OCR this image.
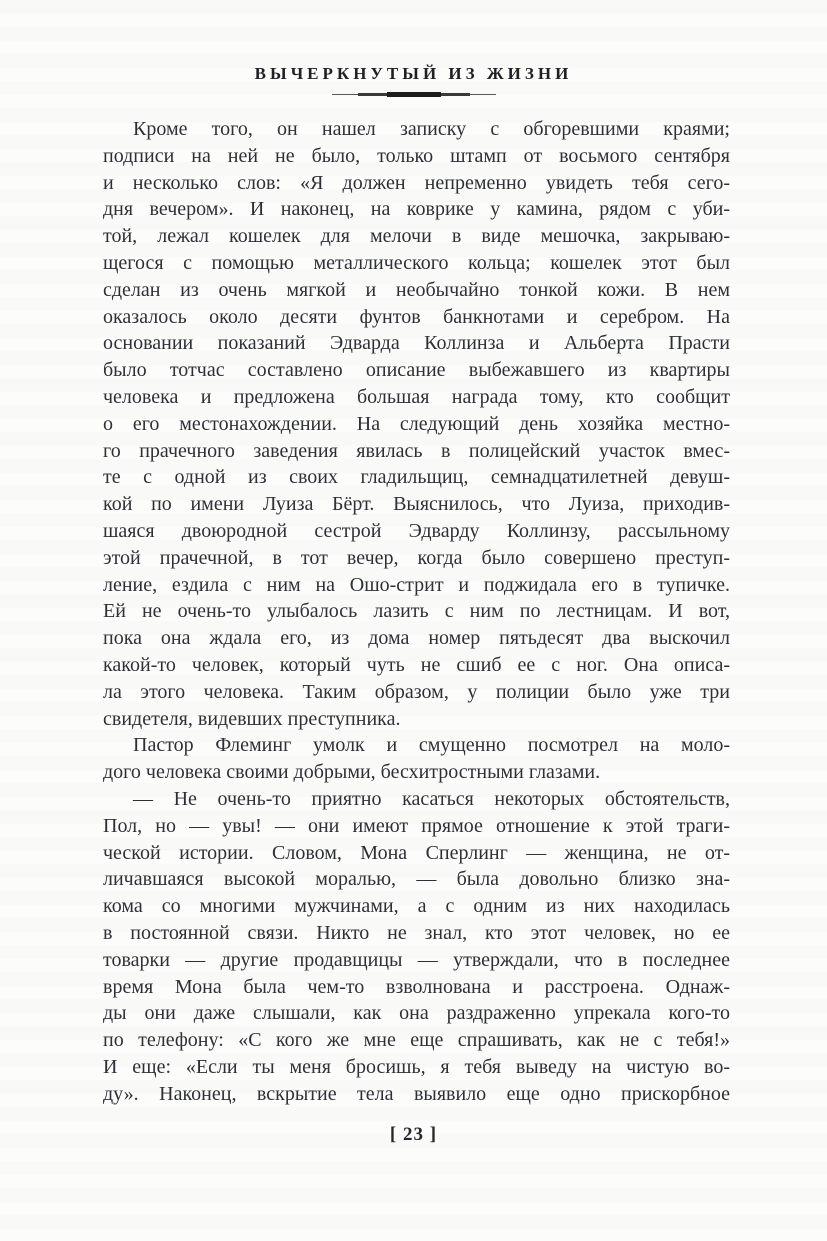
ВЫЧЕРКНУТЫЙ ИЗ ЖИЗНИ
Кроме того, он нашел записку с обгоревшими краями;
подписи на ней не было, только штамп от восьмого сентября
и несколько слов: «Я должен непременно увидеть тебя сего-
дня вечером». И наконец, на коврике у камина, рядом с уби-
той, лежал кошелек для мелочи в виде мешочка, закрываю-
щегося с помощью металлического кольца; кошелек этот был
сделан из очень мягкой и необычайно тонкой кожи. В нем
оказалось около десяти фунтов банкнотами и серебром. На
основании показаний Эдварда Коллинза и Альберта Прасти
было тотчас составлено описание выбежавшего из квартиры
человека и предложена большая награда тому, кто сообщит
о его местонахождении. На следующий день хозяйка местно-
го прачечного заведения явилась в полицейский участок вмес-
те с одной из своих гладильщиц, семнадцатилетней девуш-
кой по имени Луиза Бёрт. Выяснилось, что Луиза, приходив-
шаяся двоюродной сестрой Эдварду Коллинзу, рассыльному
этой прачечной, в тот вечер, когда было совершено преступ-
ление, ездила с ним на Ошо-стрит и поджидала его в тупичке.
Ей не очень-то улыбалось лазить с ним по лестницам. И вот,
пока она ждала его, из дома номер пятьдесят два выскочил
какой-то человек, который чуть не сшиб ее с ног. Она описа-
ла этого человека. Таким образом, у полиции было уже три
свидетеля, видевших преступника.
Пастор Флеминг умолк и смущенно посмотрел на моло-
дого человека своими добрыми, бесхитростными глазами.
— Не очень-то приятно касаться некоторых обстоятельств,
Пол, но — увы! — они имеют прямое отношение к этой траги-
ческой истории. Словом, Мона Сперлинг — женщина, не от-
личавшаяся высокой моралью, — была довольно близко зна-
кома со многими мужчинами, а с одним из них находилась
в постоянной связи. Никто не знал, кто этот человек, но ее
товарки — другие продавщицы — утверждали, что в последнее
время Мона была чем-то взволнована и расстроена. Однаж-
ды они даже слышали, как она раздраженно упрекала кого-то
по телефону: «С кого же мне еще спрашивать, как не с тебя!»
И еще: «Если ты меня бросишь, я тебя выведу на чистую во-
ду». Наконец, вскрытие тела выявило еще одно прискорбное
[ 23 ]
